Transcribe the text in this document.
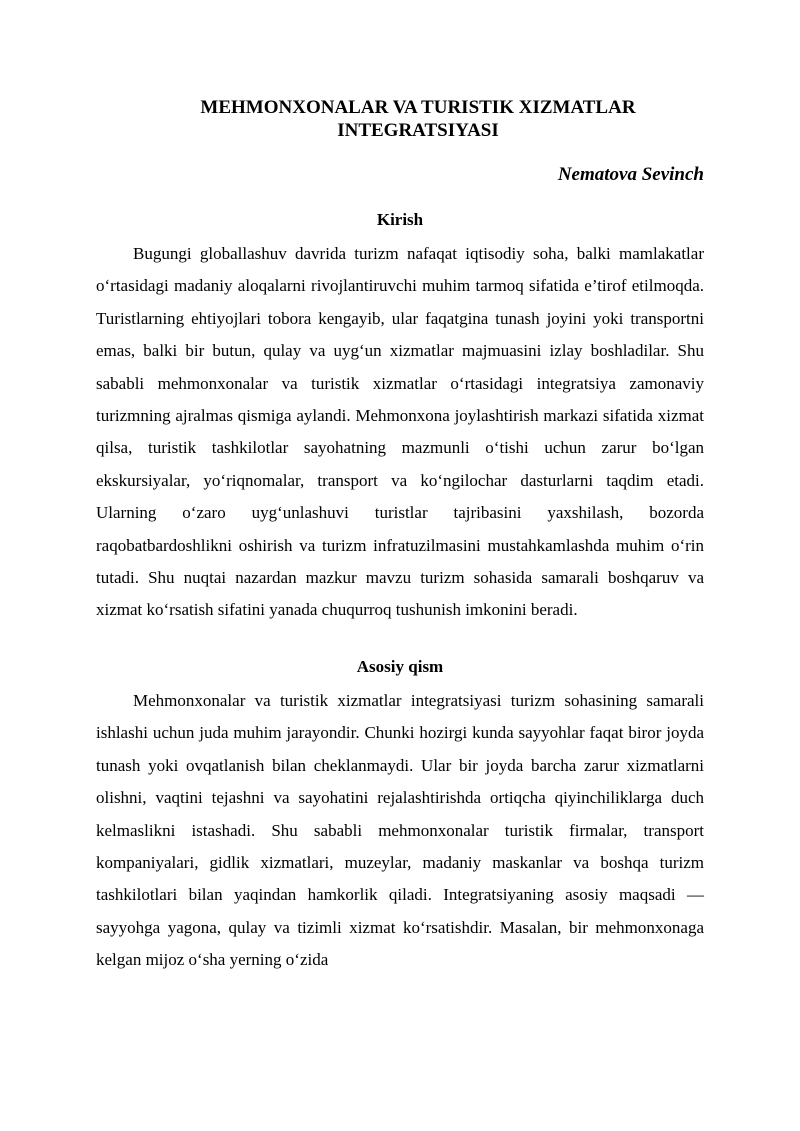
MEHMONXONALAR VA TURISTIK XIZMATLAR
INTEGRATSIYASI
Nematova Sevinch
Kirish

Bugungi globallashuv davrida turizm nafaqat iqtisodiy soha, balki mamlakatlar o‘rtasidagi madaniy aloqalarni rivojlantiruvchi muhim tarmoq sifatida e’tirof etilmoqda. Turistlarning ehtiyojlari tobora kengayib, ular faqatgina tunash joyini yoki transportni emas, balki bir butun, qulay va uyg‘un xizmatlar majmuasini izlay boshladilar. Shu sababli mehmonxonalar va turistik xizmatlar o‘rtasidagi integratsiya zamonaviy turizmning ajralmas qismiga aylandi. Mehmonxona joylashtirish markazi sifatida xizmat qilsa, turistik tashkilotlar sayohatning mazmunli o‘tishi uchun zarur bo‘lgan ekskursiyalar, yo‘riqnomalar, transport va ko‘ngilochar dasturlarni taqdim etadi. Ularning o‘zaro uyg‘unlashuvi turistlar tajribasini yaxshilash, bozorda raqobatbardoshlikni oshirish va turizm infratuzilmasini mustahkamlashda muhim o‘rin tutadi. Shu nuqtai nazardan mazkur mavzu turizm sohasida samarali boshqaruv va xizmat ko‘rsatish sifatini yanada chuqurroq tushunish imkonini beradi.

Asosiy qism

Mehmonxonalar va turistik xizmatlar integratsiyasi turizm sohasining samarali ishlashi uchun juda muhim jarayondir. Chunki hozirgi kunda sayyohlar faqat biror joyda tunash yoki ovqatlanish bilan cheklanmaydi. Ular bir joyda barcha zarur xizmatlarni olishni, vaqtini tejashni va sayohatini rejalashtirishda ortiqcha qiyinchiliklarga duch kelmaslikni istashadi. Shu sababli mehmonxonalar turistik firmalar, transport kompaniyalari, gidlik xizmatlari, muzeylar, madaniy maskanlar va boshqa turizm tashkilotlari bilan yaqindan hamkorlik qiladi. Integratsiyaning asosiy maqsadi — sayyohga yagona, qulay va tizimli xizmat ko‘rsatishdir. Masalan, bir mehmonxonaga kelgan mijoz o‘sha yerning o‘zida
